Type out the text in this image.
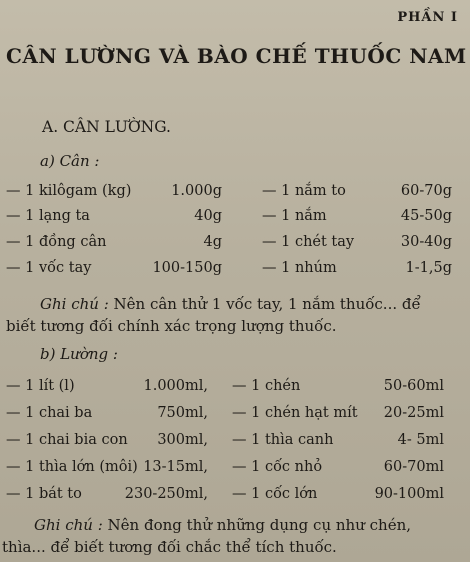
PHẦN I
CÂN LƯỜNG VÀ BÀO CHẾ THUỐC NAM
A. CÂN LƯỜNG.
a) Cân :
— 1 kilôgam (kg)	1.000g	— 1 nắm to	60-70g
— 1 lạng ta	40g	— 1 nắm	45-50g
— 1 đồng cân	4g	— 1 chét tay	30-40g
— 1 vốc tay	100-150g	— 1 nhúm	1-1,5g
Ghi chú : Nên cân thử 1 vốc tay, 1 nắm thuốc... để
biết tương đối chính xác trọng lượng thuốc.
b) Lường :
— 1 lít (l)	1.000ml, — 1 chén	50-60ml
— 1 chai ba	750ml, — 1 chén hạt mít 20-25ml
— 1 chai bia con 300ml, — 1 thìa canh	4- 5ml
— 1 thìa lớn (môi) 13-15ml, — 1 cốc nhỏ	60-70ml
— 1 bát to	230-250ml, — 1 cốc lớn	90-100ml
Ghi chú : Nên đong thử những dụng cụ như chén,
thìa... để biết tương đối chắc thể tích thuốc.
